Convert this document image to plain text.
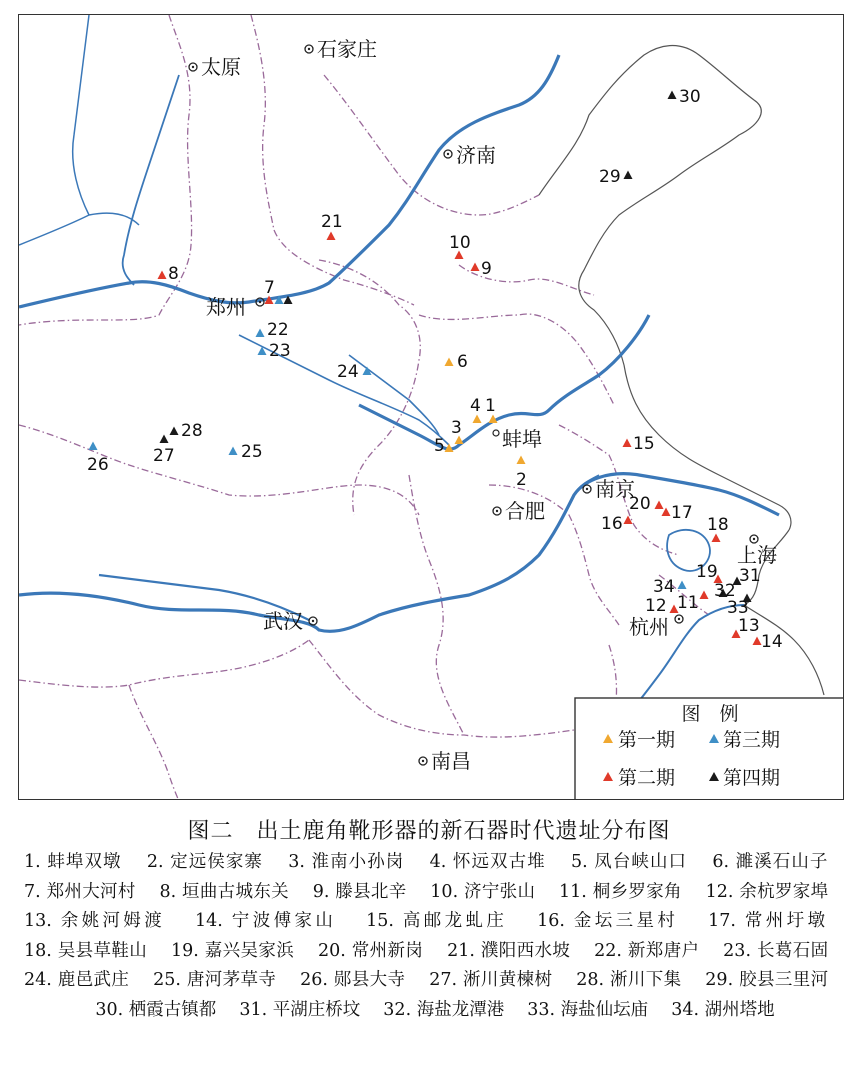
太原
石家庄
济南
郑州
蚌埠
合肥
南京
上海
杭州
武汉
南昌
1
2
3
4
5
6
7
8	9
10
11
12
13
14
15
16
17
18
19
20
21
22
23
24
25
26	27
28
29
30
31
32
33
34
图　例
第一期	第三期
第二期	第四期
图二　出土鹿角靴形器的新石器时代遗址分布图
1. 蚌埠双墩　 2. 定远侯家寨　 3. 淮南小孙岗　 4. 怀远双古堆　 5. 凤台峡山口　 6. 濉溪石山子　 7. 郑州大河村　 8. 垣曲古城东关　 9. 滕县北辛　 10. 济宁张山　 11. 桐乡罗家角　 12. 余杭罗家埠　 13. 余姚河姆渡　 14. 宁波傅家山　 15. 高邮龙虬庄　 16. 金坛三星村　 17. 常州圩墩　 18. 吴县草鞋山　 19. 嘉兴吴家浜　 20. 常州新岗　 21. 濮阳西水坡　 22. 新郑唐户　 23. 长葛石固　 24. 鹿邑武庄　 25. 唐河茅草寺　 26. 郧县大寺　 27. 淅川黄楝树　 28. 淅川下集　 29. 胶县三里河　 30. 栖霞古镇都　 31. 平湖庄桥坟　 32. 海盐龙潭港　 33. 海盐仙坛庙　 34. 湖州塔地
